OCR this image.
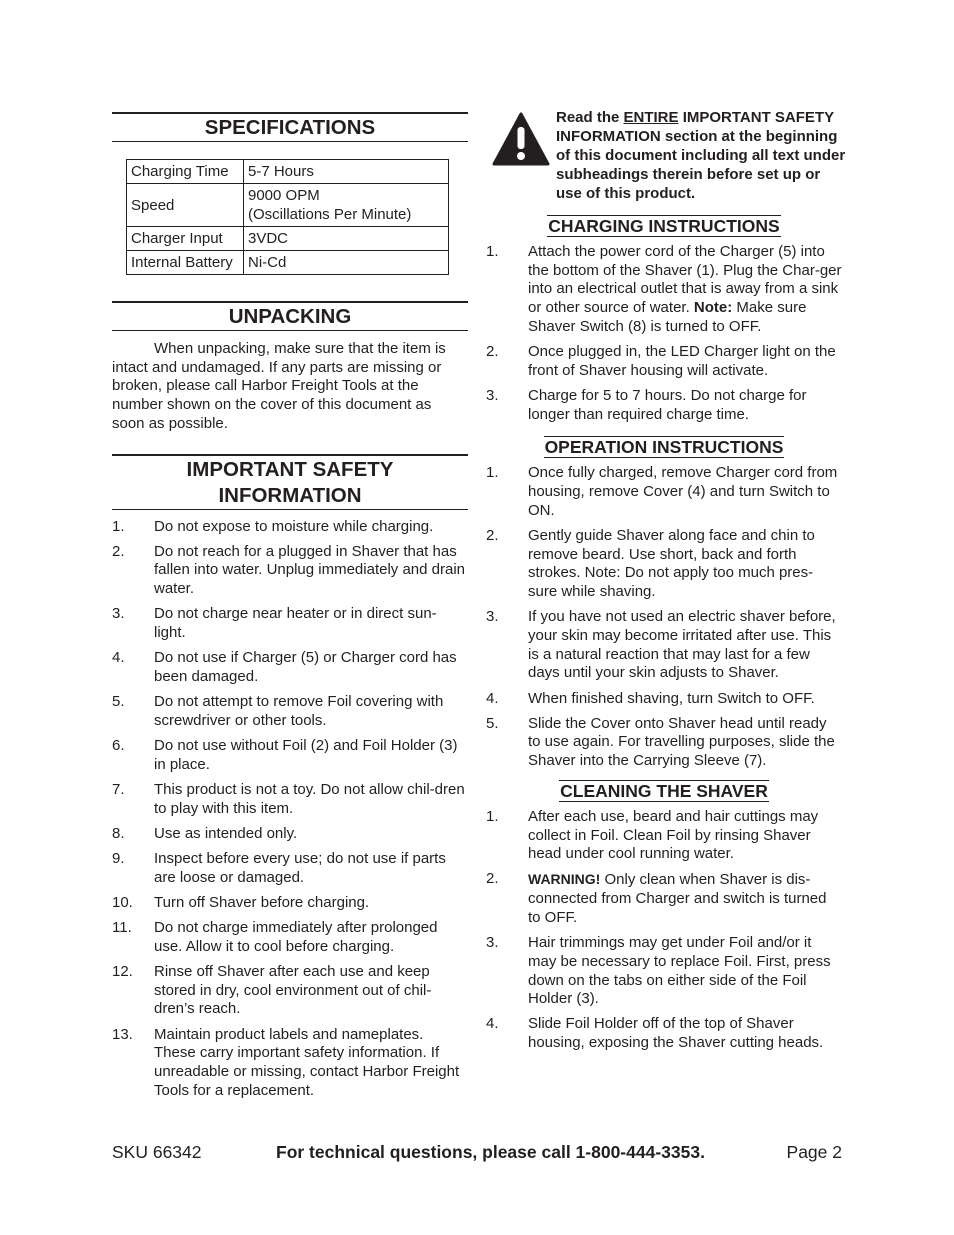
SPECIFICATIONS
Charging Time	5-7 Hours
Speed	9000 OPM
(Oscillations Per Minute)

Charger Input	3VDC
Internal Battery	Ni-Cd
UNPACKING

When unpacking, make sure that the item is intact and undamaged. If any parts are missing or broken, please call Harbor Freight Tools at the number shown on the cover of this document as soon as possible.

IMPORTANT SAFETY
INFORMATION
1. Do not expose to moisture while charging.
2. Do not reach for a plugged in Shaver that has fallen into water. Unplug immediately and drain water.
3. Do not charge near heater or in direct sun-light.
4. Do not use if Charger (5) or Charger cord has been damaged.
5. Do not attempt to remove Foil covering with screwdriver or other tools.
6. Do not use without Foil (2) and Foil Holder (3) in place.
7. This product is not a toy. Do not allow chil-dren to play with this item.
8. Use as intended only.
9. Inspect before every use; do not use if parts are loose or damaged.
10. Turn off Shaver before charging.
11. Do not charge immediately after prolonged use. Allow it to cool before charging.
12. Rinse off Shaver after each use and keep stored in dry, cool environment out of chil-dren’s reach.
13. Maintain product labels and nameplates. These carry important safety information. If unreadable or missing, contact Harbor Freight Tools for a replacement.
Read the ENTIRE IMPORTANT SAFETY INFORMATION section at the beginning of this document including all text under subheadings therein before set up or use of this product.
CHARGING INSTRUCTIONS
1. Attach the power cord of the Charger (5) into the bottom of the Shaver (1). Plug the Char-ger into an electrical outlet that is away from a sink or other source of water. Note: Make sure Shaver Switch (8) is turned to OFF.
2. Once plugged in, the LED Charger light on the front of Shaver housing will activate.
3. Charge for 5 to 7 hours. Do not charge for longer than required charge time.
OPERATION INSTRUCTIONS
1. Once fully charged, remove Charger cord from housing, remove Cover (4) and turn Switch to ON.
2. Gently guide Shaver along face and chin to remove beard. Use short, back and forth strokes. Note: Do not apply too much pres-sure while shaving.
3. If you have not used an electric shaver before, your skin may become irritated after use. This is a natural reaction that may last for a few days until your skin adjusts to Shaver.
4. When finished shaving, turn Switch to OFF.
5. Slide the Cover onto Shaver head until ready to use again. For travelling purposes, slide the Shaver into the Carrying Sleeve (7).
CLEANING THE SHAVER
1. After each use, beard and hair cuttings may collect in Foil. Clean Foil by rinsing Shaver head under cool running water.
2. WARNING! Only clean when Shaver is dis-connected from Charger and switch is turned to OFF.
3. Hair trimmings may get under Foil and/or it may be necessary to replace Foil. First, press down on the tabs on either side of the Foil Holder (3).
4. Slide Foil Holder off of the top of Shaver housing, exposing the Shaver cutting heads.
SKU 66342	For technical questions, please call 1-800-444-3353.	Page 2
